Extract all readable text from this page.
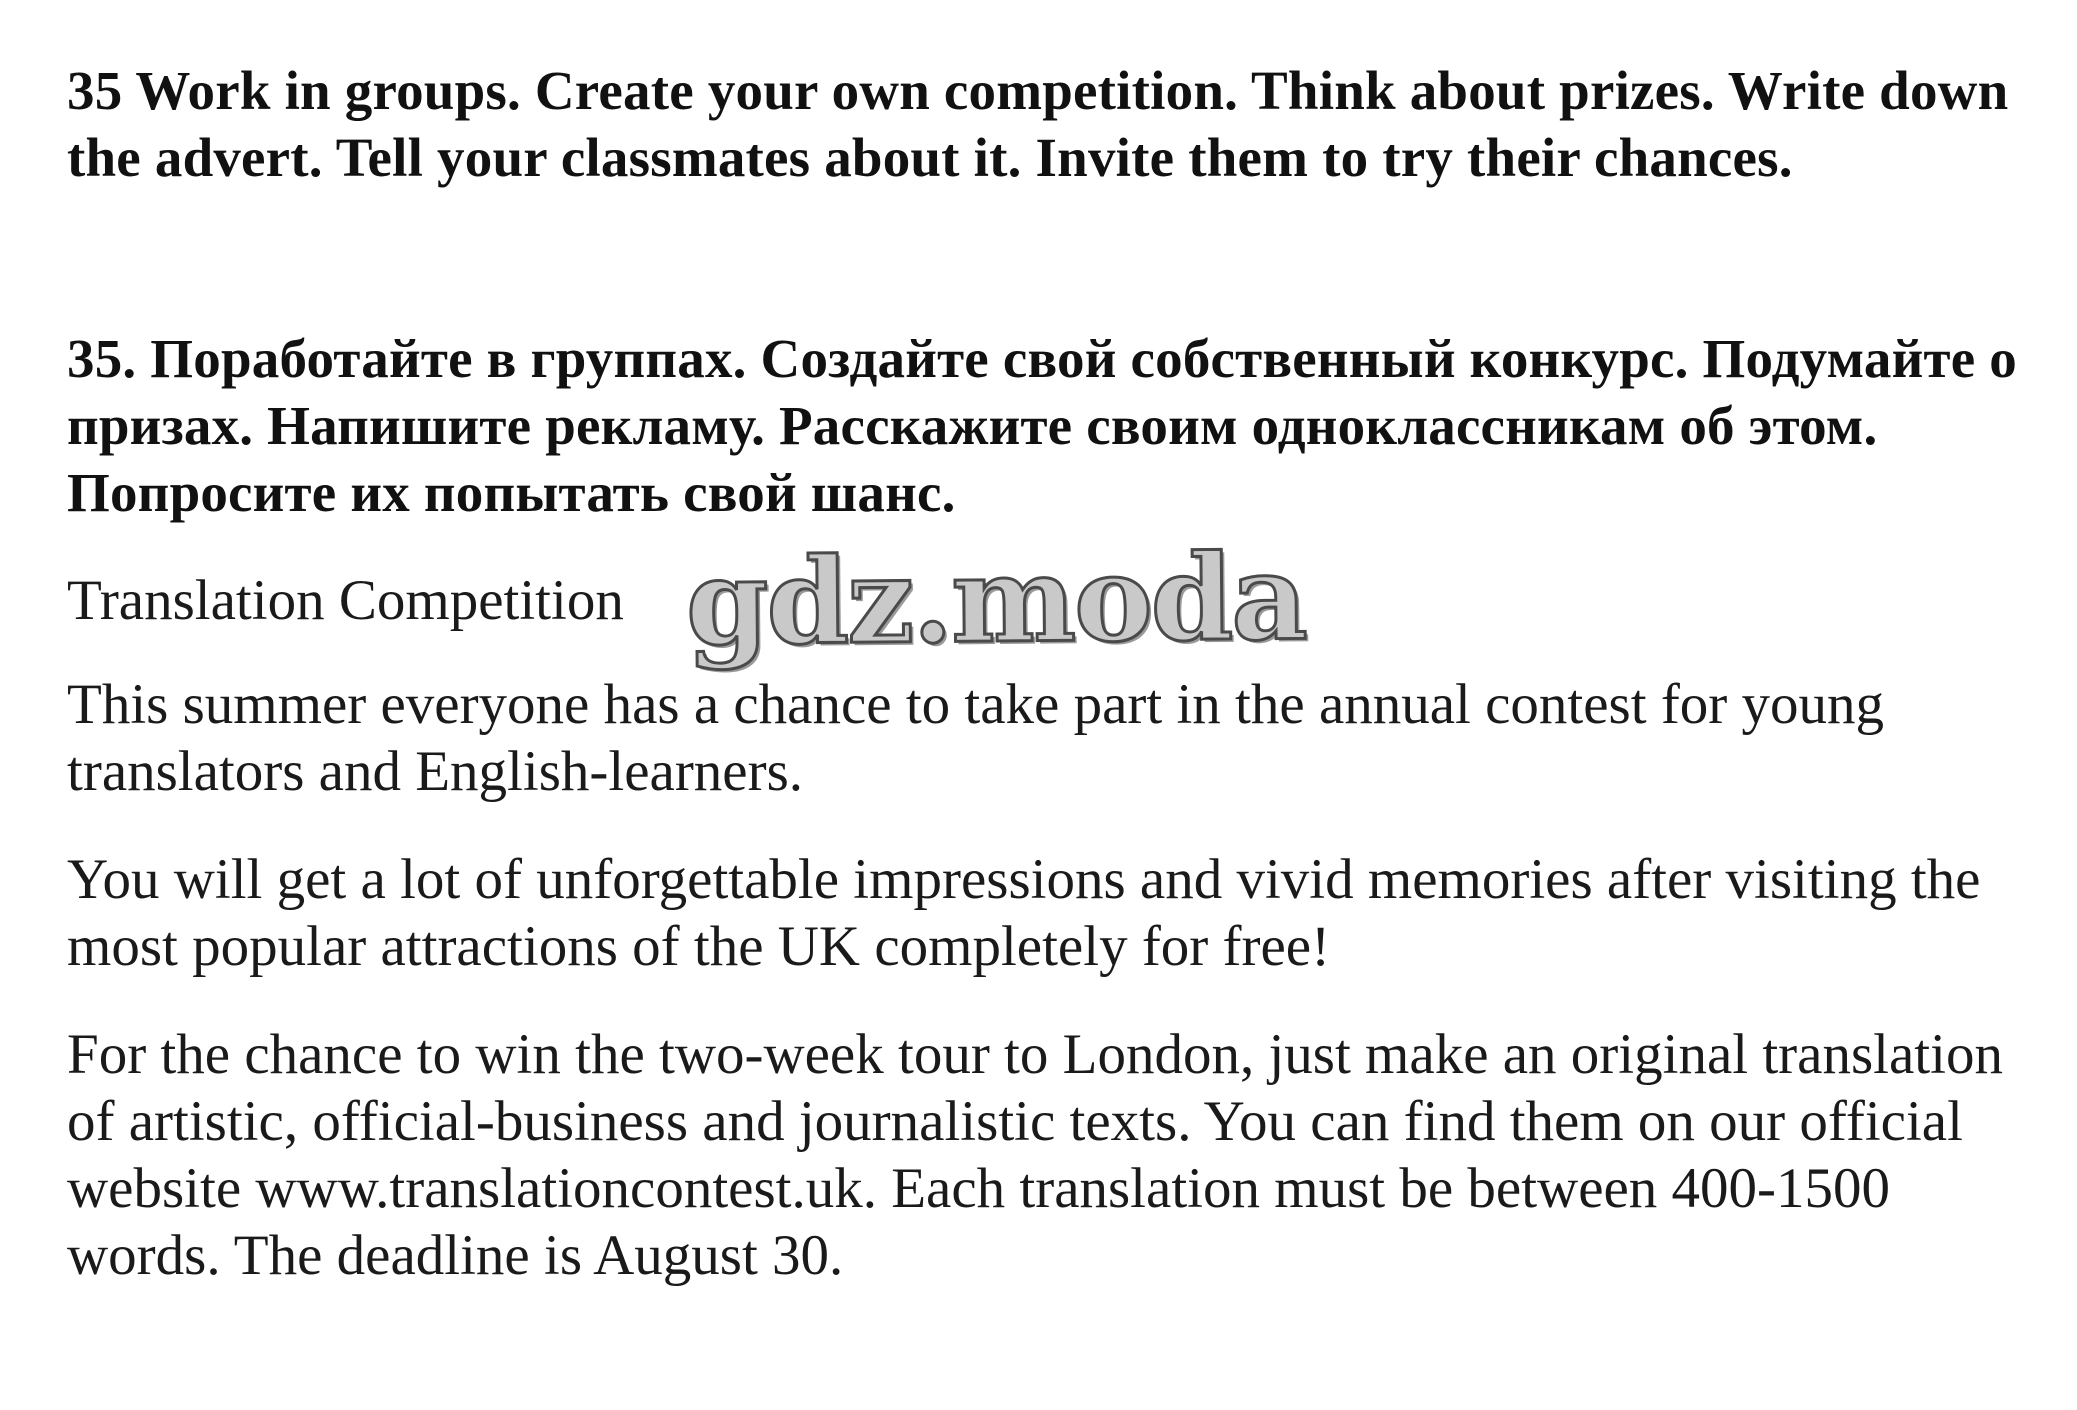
35 Work in groups. Create your own competition. Think about prizes. Write down the advert. Tell your classmates about it. Invite them to try their chances.

35. Поработайте в группах. Создайте свой собственный конкурс. Подумайте о призах. Напишите рекламу. Расскажите своим одноклассникам об этом. Попросите их попытать свой шанс.

Translation Competition gdz.moda

This summer everyone has a chance to take part in the annual contest for young translators and English-learners.

You will get a lot of unforgettable impressions and vivid memories after visiting the most popular attractions of the UK completely for free!

For the chance to win the two-week tour to London, just make an original translation of artistic, official-business and journalistic texts. You can find them on our official website www.translationcontest.uk. Each translation must be between 400-1500 words. The deadline is August 30.
